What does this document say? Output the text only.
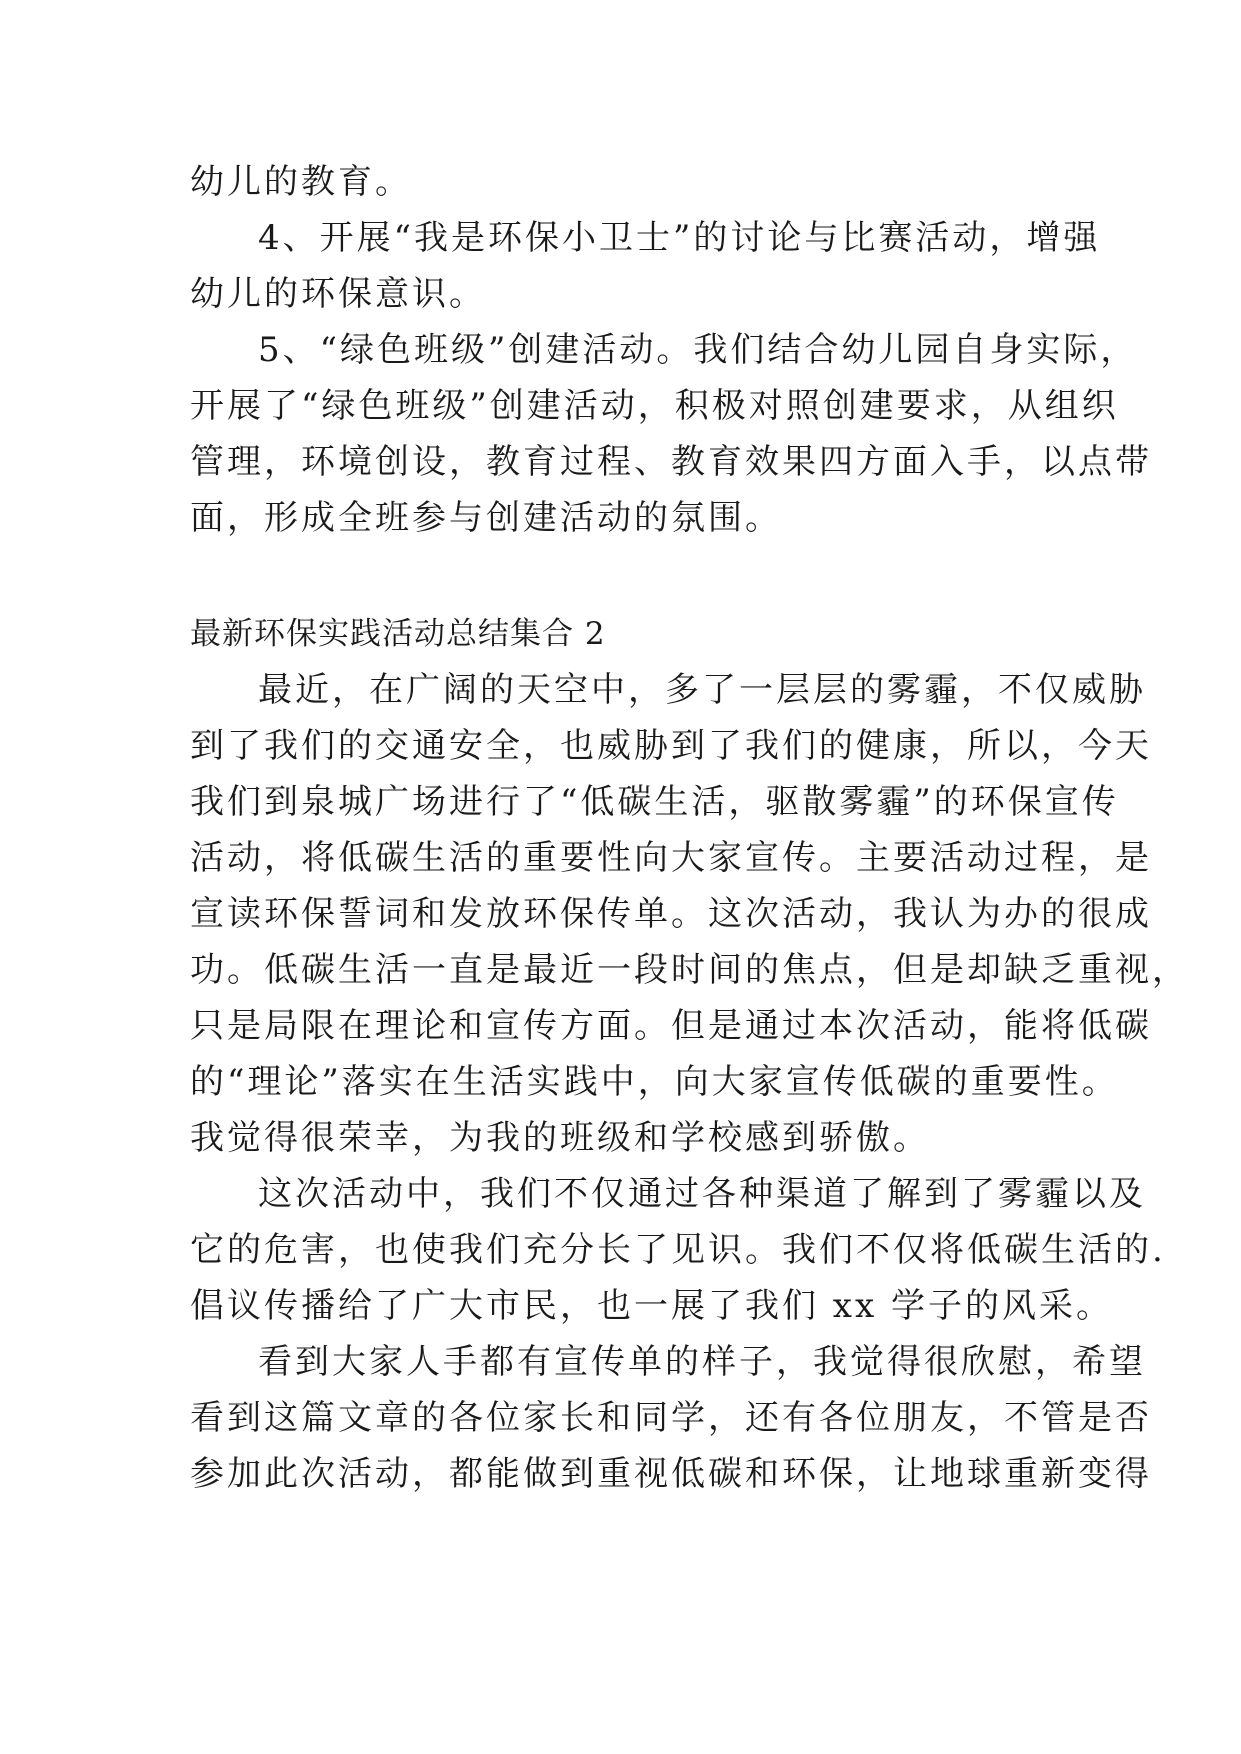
幼儿的教育。
4、开展“我是环保小卫士”的讨论与比赛活动，增强
幼儿的环保意识。
5、“绿色班级”创建活动。我们结合幼儿园自身实际，
开展了“绿色班级”创建活动，积极对照创建要求，从组织
管理，环境创设，教育过程、教育效果四方面入手，以点带
面，形成全班参与创建活动的氛围。
最新环保实践活动总结集合 2
最近，在广阔的天空中，多了一层层的雾霾，不仅威胁
到了我们的交通安全，也威胁到了我们的健康，所以，今天
我们到泉城广场进行了“低碳生活，驱散雾霾”的环保宣传
活动，将低碳生活的重要性向大家宣传。主要活动过程，是
宣读环保誓词和发放环保传单。这次活动，我认为办的很成
功。低碳生活一直是最近一段时间的焦点，但是却缺乏重视，
只是局限在理论和宣传方面。但是通过本次活动，能将低碳
的“理论”落实在生活实践中，向大家宣传低碳的重要性。
我觉得很荣幸，为我的班级和学校感到骄傲。
这次活动中，我们不仅通过各种渠道了解到了雾霾以及
它的危害，也使我们充分长了见识。我们不仅将低碳生活的.
倡议传播给了广大市民，也一展了我们 xx 学子的风采。
看到大家人手都有宣传单的样子，我觉得很欣慰，希望
看到这篇文章的各位家长和同学，还有各位朋友，不管是否
参加此次活动，都能做到重视低碳和环保，让地球重新变得
